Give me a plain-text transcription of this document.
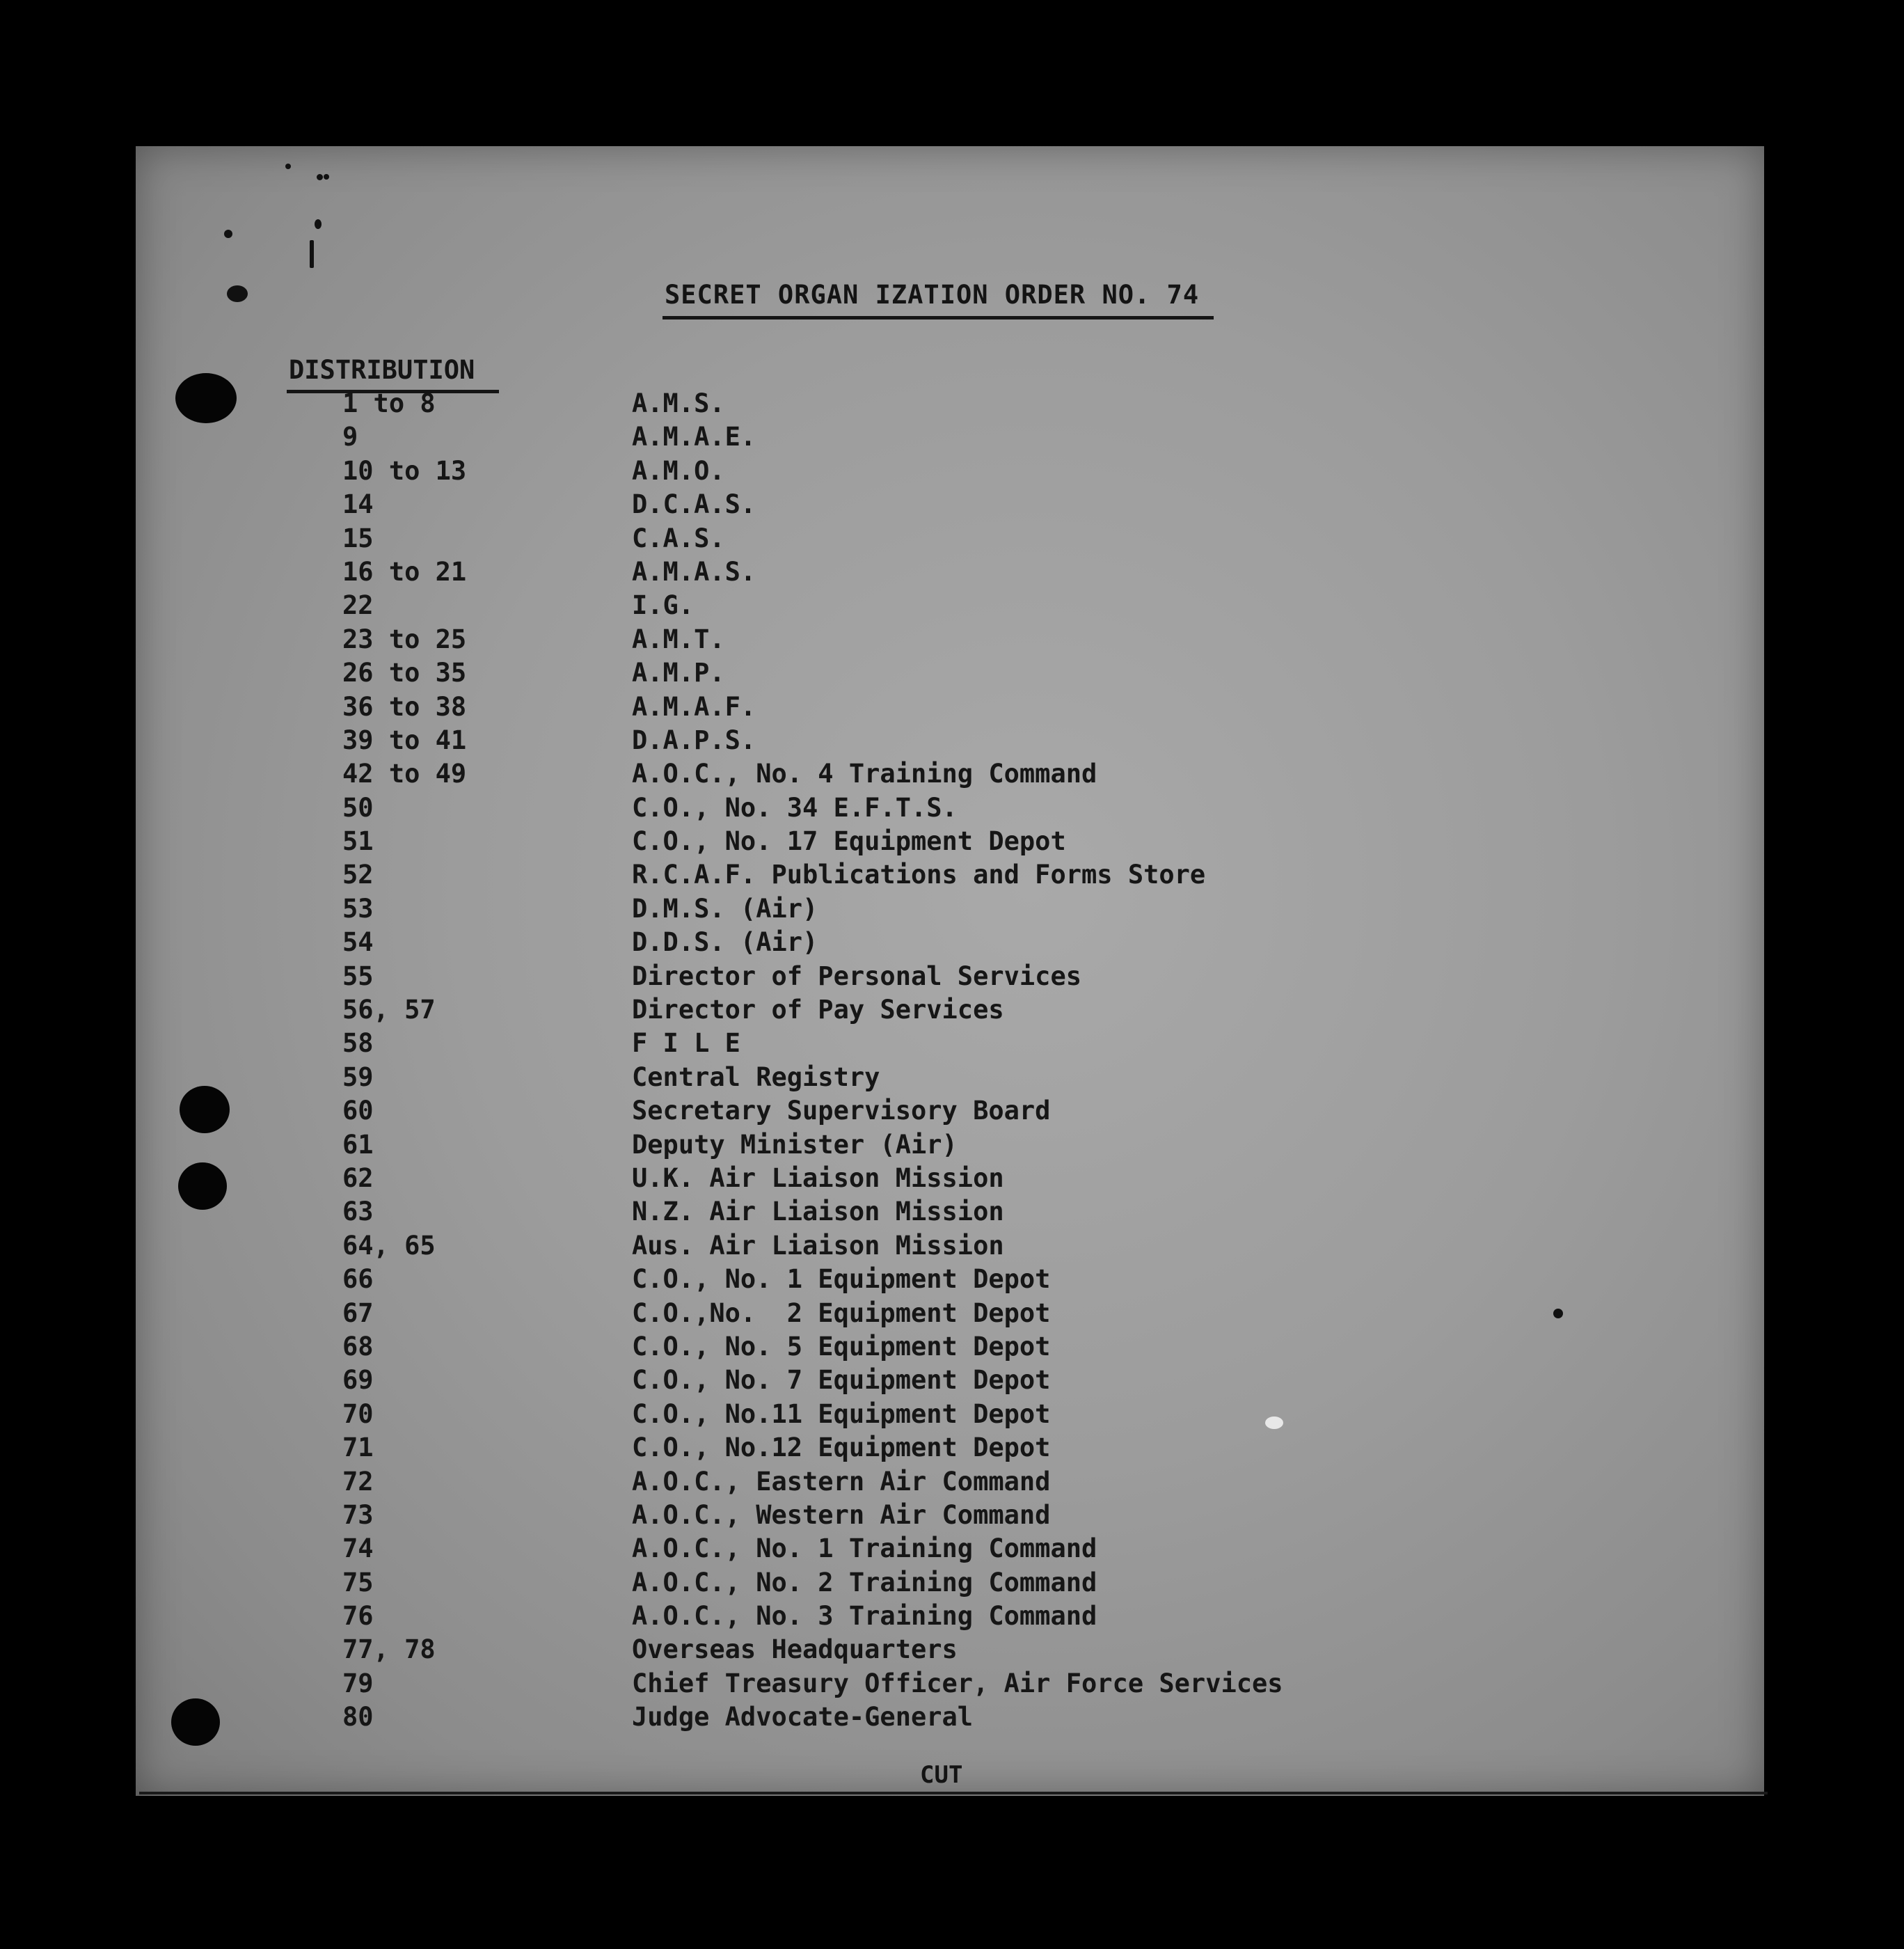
SECRET ORGAN IZATION ORDER NO. 74
DISTRIBUTION
1 to 8	A.M.S.
9	A.M.A.E.
10 to 13	A.M.O.
14	D.C.A.S.
15	C.A.S.
16 to 21	A.M.A.S.
22	I.G.
23 to 25	A.M.T.
26 to 35	A.M.P.
36 to 38	A.M.A.F.
39 to 41	D.A.P.S.
42 to 49	A.O.C., No. 4 Training Command
50	C.O., No. 34 E.F.T.S.
51	C.O., No. 17 Equipment Depot
52	R.C.A.F. Publications and Forms Store
53	D.M.S. (Air)
54	D.D.S. (Air)
55	Director of Personal Services
56, 57	Director of Pay Services
58	F I L E
59	Central Registry
60	Secretary Supervisory Board
61	Deputy Minister (Air)
62	U.K. Air Liaison Mission
63	N.Z. Air Liaison Mission
64, 65	Aus. Air Liaison Mission
66	C.O., No. 1 Equipment Depot
67	C.O.,No.  2 Equipment Depot
68	C.O., No. 5 Equipment Depot
69	C.O., No. 7 Equipment Depot
70	C.O., No.11 Equipment Depot
71	C.O., No.12 Equipment Depot
72	A.O.C., Eastern Air Command
73	A.O.C., Western Air Command
74	A.O.C., No. 1 Training Command
75	A.O.C., No. 2 Training Command
76	A.O.C., No. 3 Training Command
77, 78	Overseas Headquarters
79	Chief Treasury Officer, Air Force Services
80	Judge Advocate-General
CUT
